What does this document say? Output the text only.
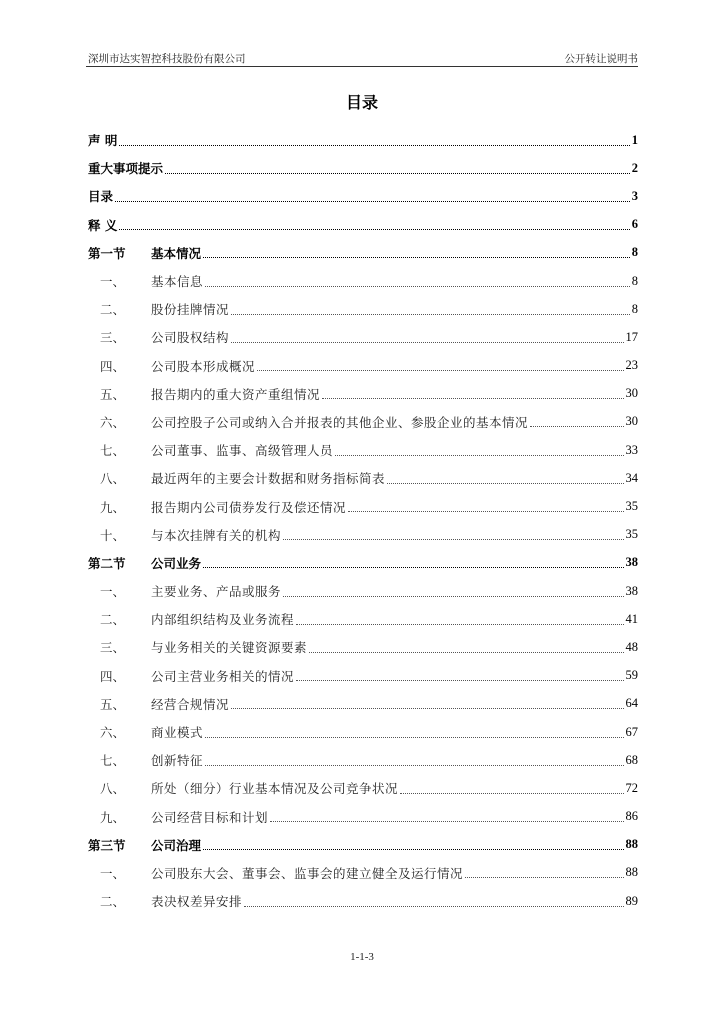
深圳市达实智控科技股份有限公司	公开转让说明书
目录
声 明	1
重大事项提示	2
目录	3
释 义	6
第一节	基本情况	8
一、	基本信息	8
二、	股份挂牌情况	8
三、	公司股权结构	17
四、	公司股本形成概况	23
五、	报告期内的重大资产重组情况	30
六、	公司控股子公司或纳入合并报表的其他企业、参股企业的基本情况	30
七、	公司董事、监事、高级管理人员	33
八、	最近两年的主要会计数据和财务指标简表	34
九、	报告期内公司债券发行及偿还情况	35
十、	与本次挂牌有关的机构	35
第二节	公司业务	38
一、	主要业务、产品或服务	38
二、	内部组织结构及业务流程	41
三、	与业务相关的关键资源要素	48
四、	公司主营业务相关的情况	59
五、	经营合规情况	64
六、	商业模式	67
七、	创新特征	68
八、	所处（细分）行业基本情况及公司竞争状况	72
九、	公司经营目标和计划	86
第三节	公司治理	88
一、	公司股东大会、董事会、监事会的建立健全及运行情况	88
二、	表决权差异安排	89
1-1-3
